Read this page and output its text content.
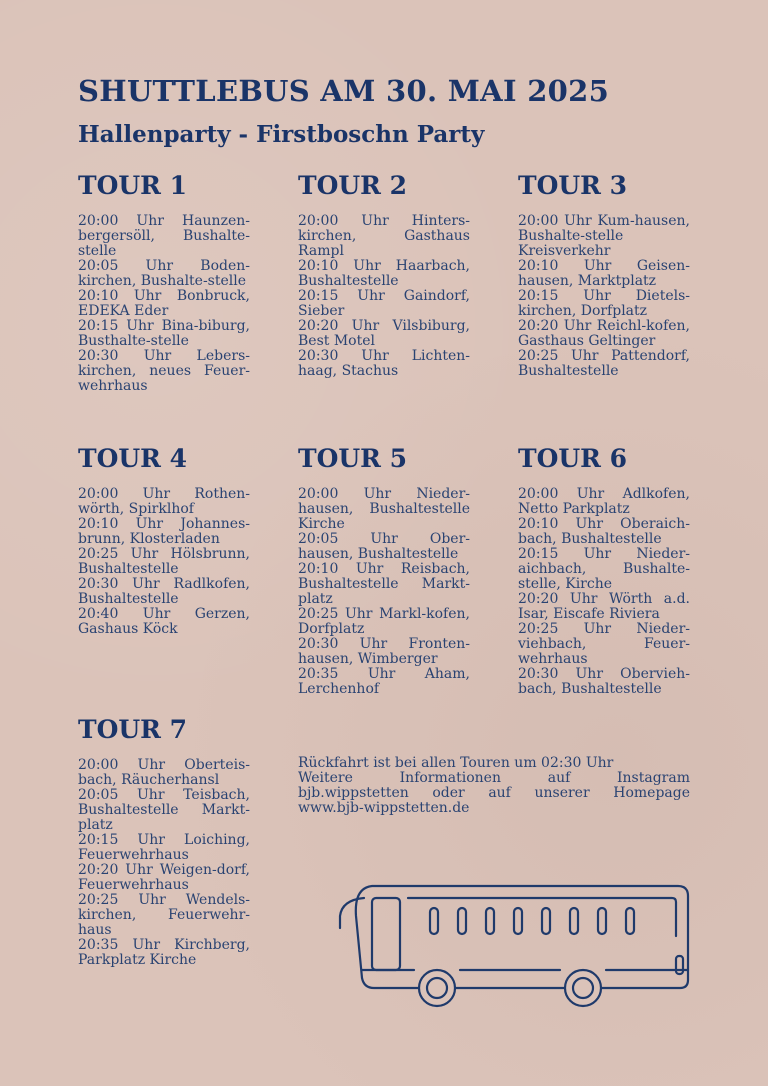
SHUTTLEBUS AM 30. MAI 2025
Hallenparty - Firstboschn Party
TOUR 1
20:00 Uhr Haunzen-bergersöll, Bushalte-stelle
20:05 Uhr Boden-kirchen, Bushalte-stelle
20:10 Uhr Bonbruck, EDEKA Eder
20:15 Uhr Bina-biburg, Busthalte-stelle
20:30 Uhr Lebers-kirchen, neues Feuer-wehrhaus
TOUR 2
20:00 Uhr Hinters-kirchen, Gasthaus Rampl
20:10 Uhr Haarbach, Bushaltestelle
20:15 Uhr Gaindorf, Sieber
20:20 Uhr Vilsbiburg, Best Motel
20:30 Uhr Lichten-haag, Stachus
TOUR 3
20:00 Uhr Kum-hausen, Bushalte-stelle Kreisverkehr
20:10 Uhr Geisen-hausen, Marktplatz
20:15 Uhr Dietels-kirchen, Dorfplatz
20:20 Uhr Reichl-kofen, Gasthaus Geltinger
20:25 Uhr Pattendorf, Bushaltestelle
TOUR 4
20:00 Uhr Rothen-wörth, Spirklhof
20:10 Uhr Johannes-brunn, Klosterladen
20:25 Uhr Hölsbrunn, Bushaltestelle
20:30 Uhr Radlkofen, Bushaltestelle
20:40 Uhr Gerzen, Gashaus Köck
TOUR 5
20:00 Uhr Nieder-hausen, Bushaltestelle Kirche
20:05 Uhr Ober-hausen, Bushaltestelle
20:10 Uhr Reisbach, Bushaltestelle Markt-platz
20:25 Uhr Markl-kofen, Dorfplatz
20:30 Uhr Fronten-hausen, Wimberger
20:35 Uhr Aham, Lerchenhof
TOUR 6
20:00 Uhr Adlkofen, Netto Parkplatz
20:10 Uhr Oberaich-bach, Bushaltestelle
20:15 Uhr Nieder-aichbach, Bushalte-stelle, Kirche
20:20 Uhr Wörth a.d. Isar, Eiscafe Riviera
20:25 Uhr Nieder-viehbach, Feuer-wehrhaus
20:30 Uhr Obervieh-bach, Bushaltestelle
TOUR 7
20:00 Uhr Oberteis-bach, Räucherhansl
20:05 Uhr Teisbach, Bushaltestelle Markt-platz
20:15 Uhr Loiching, Feuerwehrhaus
20:20 Uhr Weigen-dorf, Feuerwehrhaus
20:25 Uhr Wendels-kirchen, Feuerwehr-haus
20:35 Uhr Kirchberg, Parkplatz Kirche
Rückfahrt ist bei allen Touren um 02:30 Uhr
Weitere Informationen auf Instagram
bjb.wippstetten oder auf unserer Homepage
www.bjb-wippstetten.de
